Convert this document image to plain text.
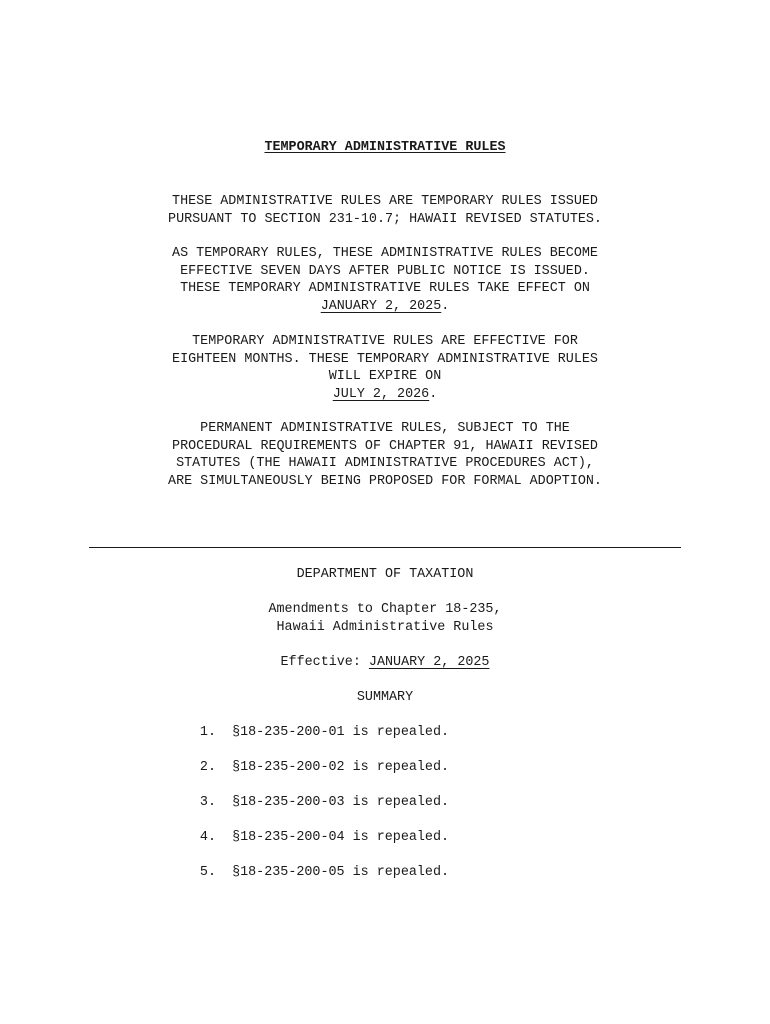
TEMPORARY ADMINISTRATIVE RULES
THESE ADMINISTRATIVE RULES ARE TEMPORARY RULES ISSUED
PURSUANT TO SECTION 231-10.7; HAWAII REVISED STATUTES.
AS TEMPORARY RULES, THESE ADMINISTRATIVE RULES BECOME
EFFECTIVE SEVEN DAYS AFTER PUBLIC NOTICE IS ISSUED.
THESE TEMPORARY ADMINISTRATIVE RULES TAKE EFFECT ON
JANUARY 2, 2025.
TEMPORARY ADMINISTRATIVE RULES ARE EFFECTIVE FOR
EIGHTEEN MONTHS. THESE TEMPORARY ADMINISTRATIVE RULES
WILL EXPIRE ON
JULY 2, 2026.
PERMANENT ADMINISTRATIVE RULES, SUBJECT TO THE
PROCEDURAL REQUIREMENTS OF CHAPTER 91, HAWAII REVISED
STATUTES (THE HAWAII ADMINISTRATIVE PROCEDURES ACT),
ARE SIMULTANEOUSLY BEING PROPOSED FOR FORMAL ADOPTION.
DEPARTMENT OF TAXATION
Amendments to Chapter 18-235,
Hawaii Administrative Rules
Effective: JANUARY 2, 2025
SUMMARY
1. §18-235-200-01 is repealed.
2. §18-235-200-02 is repealed.
3. §18-235-200-03 is repealed.
4. §18-235-200-04 is repealed.
5. §18-235-200-05 is repealed.
